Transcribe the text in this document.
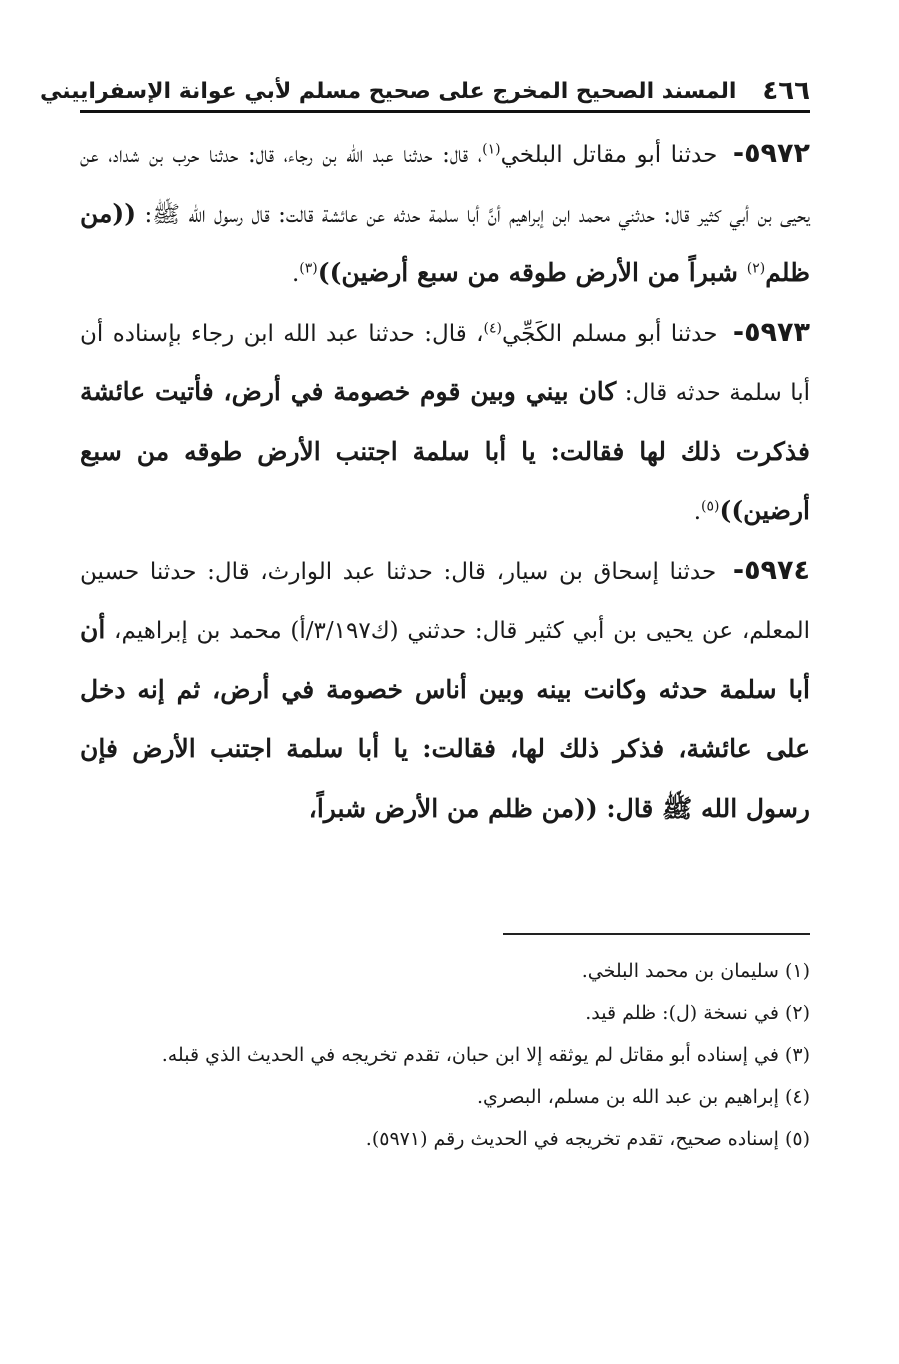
٤٦٦
المسند الصحيح المخرج على صحيح مسلم لأبي عوانة الإسفراييني

٥٩٧٢- حدثنا أبو مقاتل البلخي$^{(١)}$، قال: حدثنا عبد الله بن رجاء، قال: حدثنا حرب بن شداد، عن يحيى بن أبي كثير قال: حدثني محمد ابن إبراهيم أنَّ أبا سلمة حدثه عن عائشة قالت: قال رسول الله ﷺ: ((من ظلم$^{(٢)}$ شبراً من الأرض طوقه من سبع أرضين))$^{(٣)}$.

٥٩٧٣- حدثنا أبو مسلم الكَجِّي$^{(٤)}$، قال: حدثنا عبد الله ابن رجاء بإسناده أن أبا سلمة حدثه قال: كان بيني وبين قوم خصومة في أرض، فأتيت عائشة فذكرت ذلك لها فقالت: يا أبا سلمة اجتنب الأرض طوقه من سبع أرضين))$^{(٥)}$.

٥٩٧٤- حدثنا إسحاق بن سيار، قال: حدثنا عبد الوارث، قال: حدثنا حسين المعلم، عن يحيى بن أبي كثير قال: حدثني (ك٣/١٩٧/أ) محمد بن إبراهيم، أن أبا سلمة حدثه وكانت بينه وبين أناس خصومة في أرض، ثم إنه دخل على عائشة، فذكر ذلك لها، فقالت: يا أبا سلمة اجتنب الأرض فإن رسول الله ﷺ قال: ((من ظلم من الأرض شبراً،

(١) سليمان بن محمد البلخي.

(٢) في نسخة (ل): ظلم قيد.

(٣) في إسناده أبو مقاتل لم يوثقه إلا ابن حبان، تقدم تخريجه في الحديث الذي قبله.

(٤) إبراهيم بن عبد الله بن مسلم، البصري.

(٥) إسناده صحيح، تقدم تخريجه في الحديث رقم (٥٩٧١).
